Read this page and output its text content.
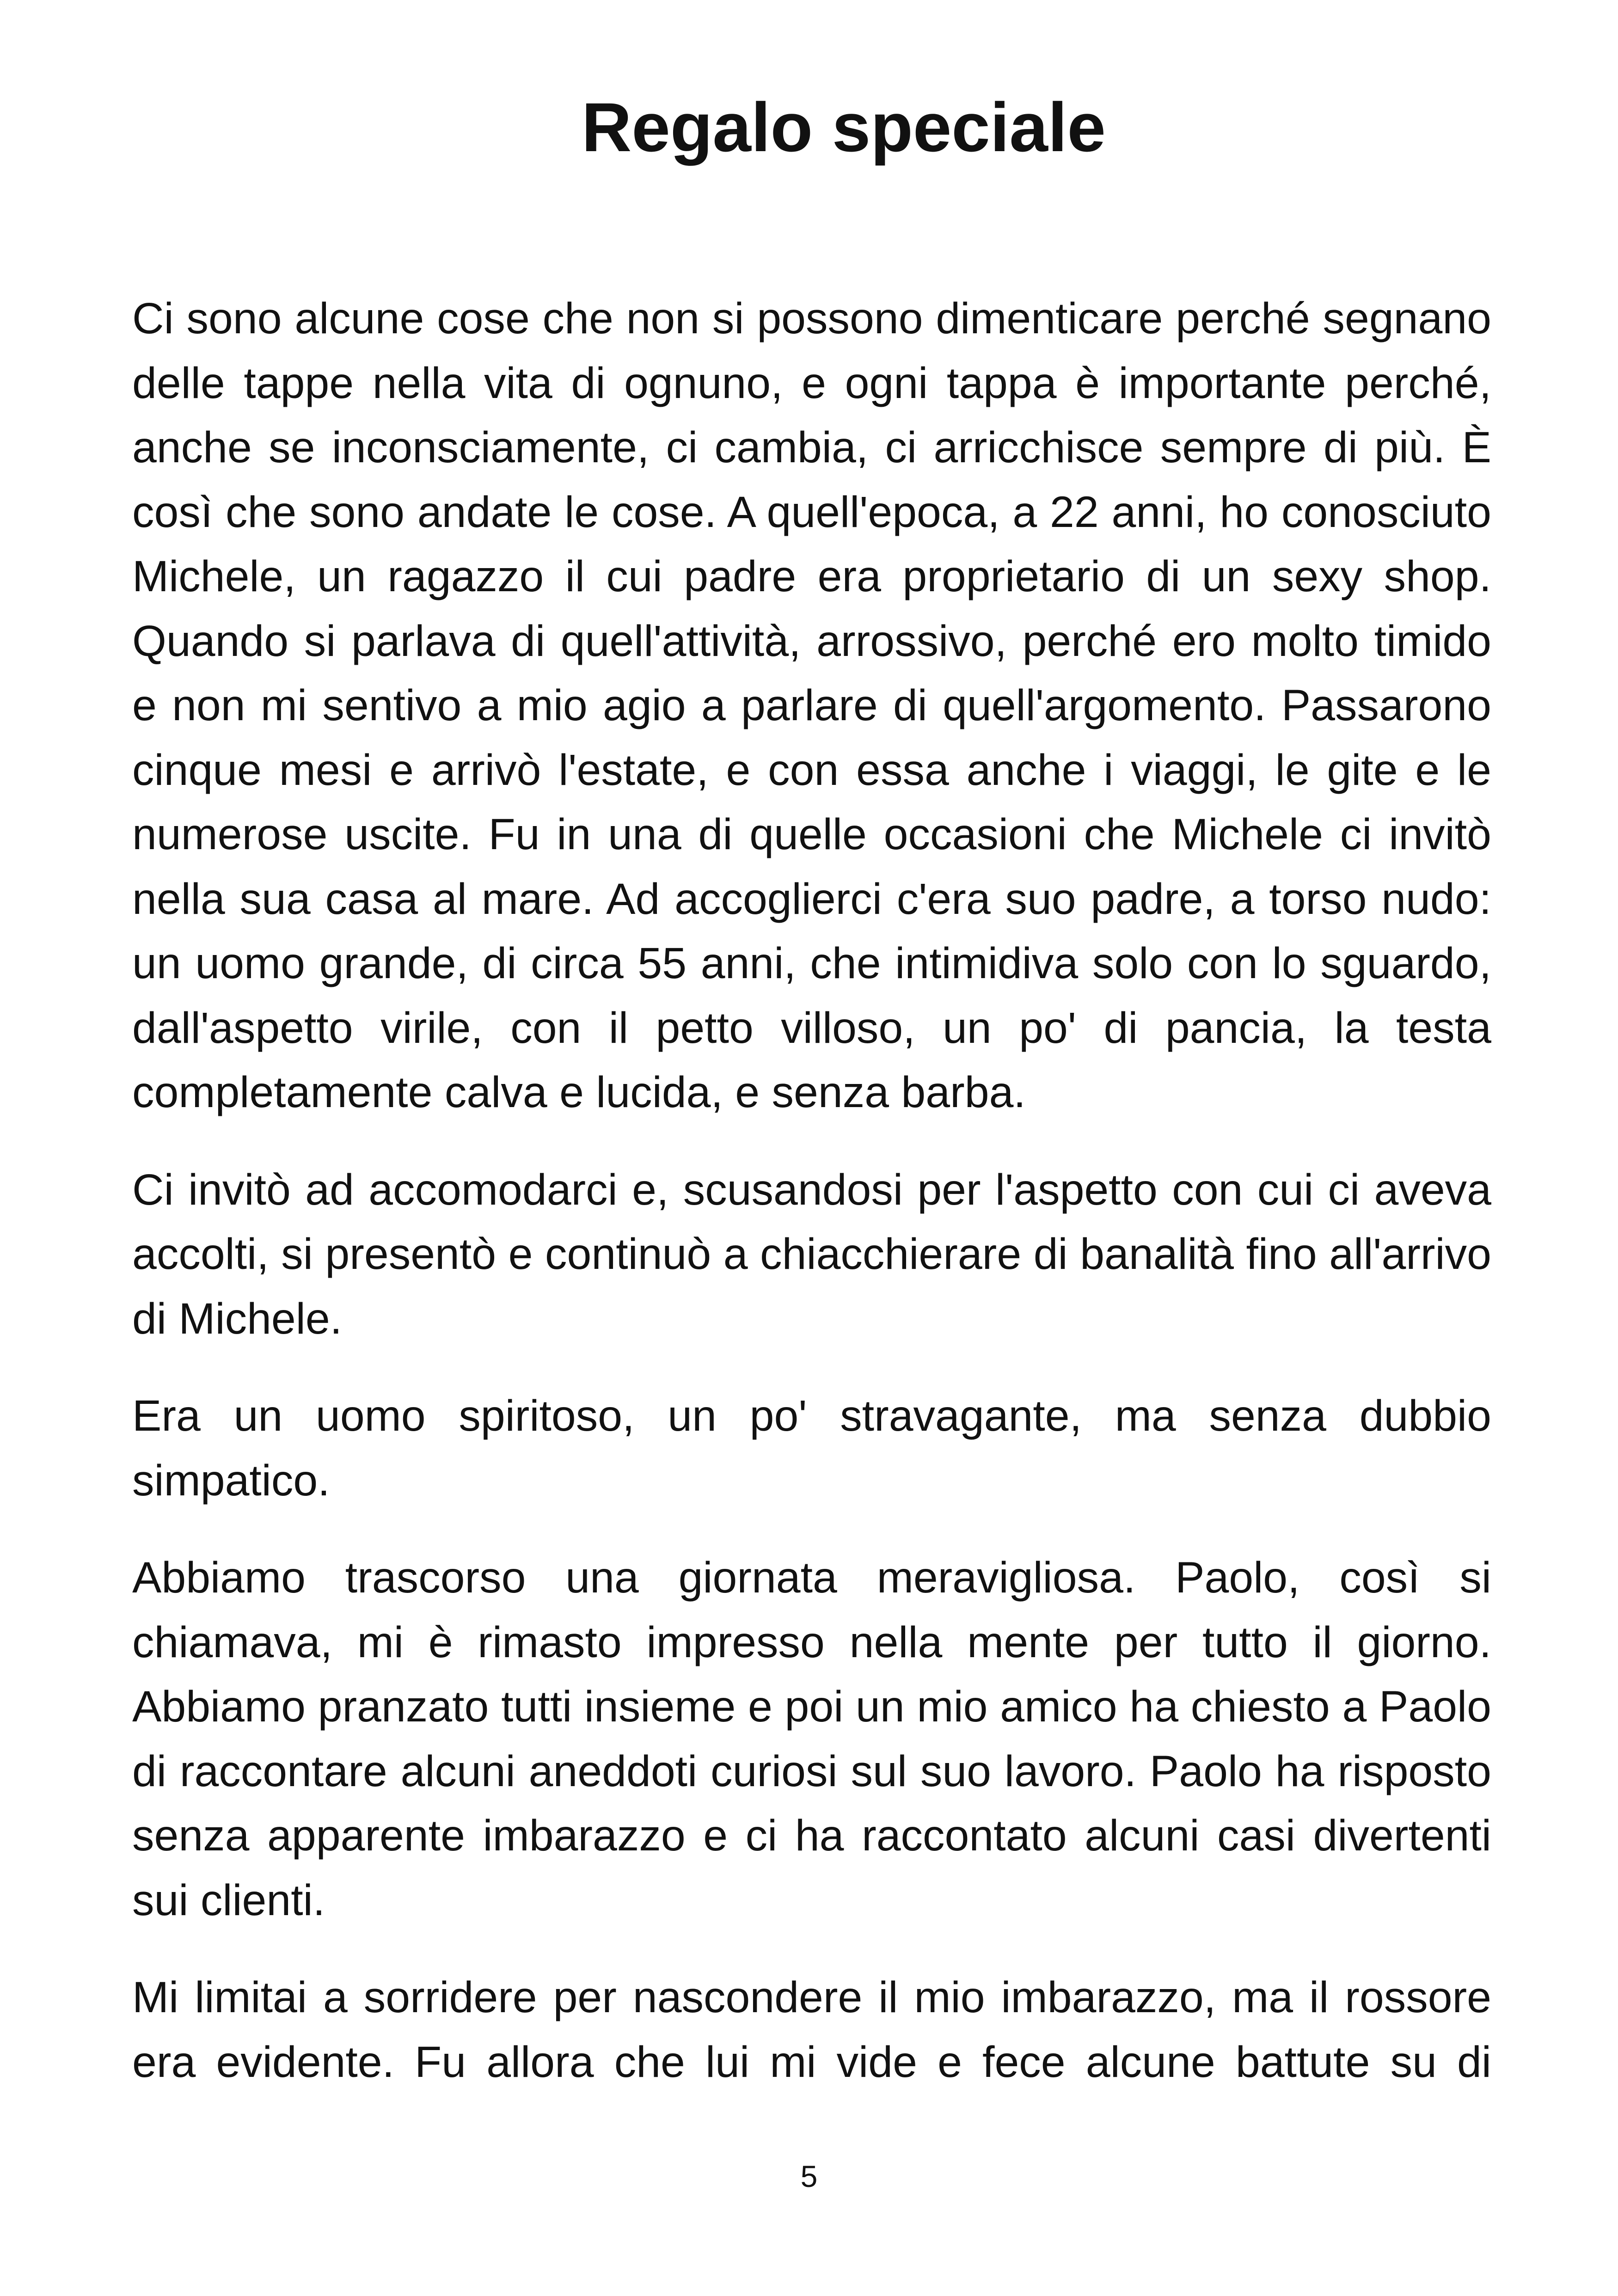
Regalo speciale

Ci sono alcune cose che non si possono dimenticare perché segnano delle tappe nella vita di ognuno, e ogni tappa è importante perché, anche se inconsciamente, ci cambia, ci arricchisce sempre di più. È così che sono andate le cose. A quell'epoca, a 22 anni, ho conosciuto Michele, un ragazzo il cui padre era proprietario di un sexy shop. Quando si parlava di quell'attività, arrossivo, perché ero molto timido e non mi sentivo a mio agio a parlare di quell'argomento. Passarono cinque mesi e arrivò l'estate, e con essa anche i viaggi, le gite e le numerose uscite. Fu in una di quelle occasioni che Michele ci invitò nella sua casa al mare. Ad accoglierci c'era suo padre, a torso nudo: un uomo grande, di circa 55 anni, che intimidiva solo con lo sguardo, dall'aspetto virile, con il petto villoso, un po' di pancia, la testa completamente calva e lucida, e senza barba.

Ci invitò ad accomodarci e, scusandosi per l'aspetto con cui ci aveva accolti, si presentò e continuò a chiacchierare di banalità fino all'arrivo di Michele.

Era un uomo spiritoso, un po' stravagante, ma senza dubbio simpatico.

Abbiamo trascorso una giornata meravigliosa. Paolo, così si chiamava, mi è rimasto impresso nella mente per tutto il giorno. Abbiamo pranzato tutti insieme e poi un mio amico ha chiesto a Paolo di raccontare alcuni aneddoti curiosi sul suo lavoro. Paolo ha risposto senza apparente imbarazzo e ci ha raccontato alcuni casi divertenti sui clienti.

Mi limitai a sorridere per nascondere il mio imbarazzo, ma il rossore era evidente. Fu allora che lui mi vide e fece alcune battute su di

5
